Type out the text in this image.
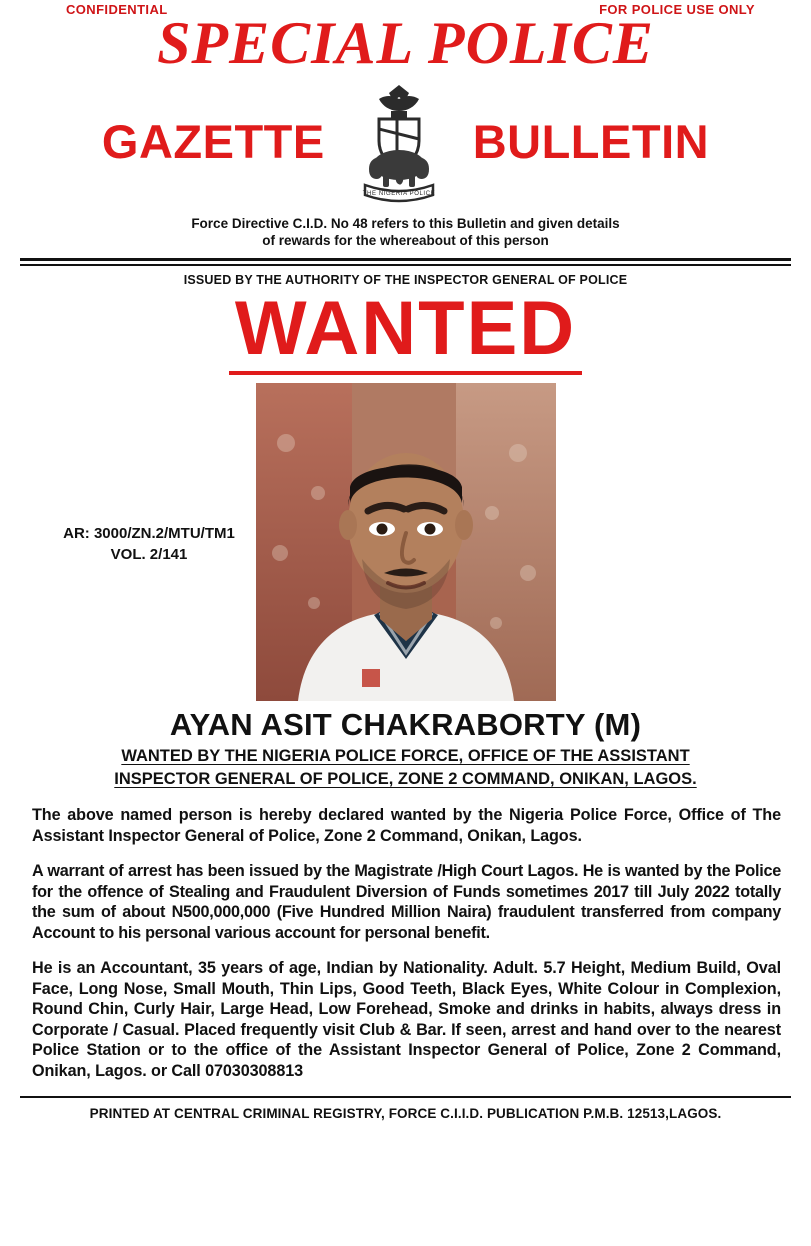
CONFIDENTIAL	FOR POLICE USE ONLY
SPECIAL POLICE
GAZETTE
THE NIGERIA POLICE
BULLETIN
Force Directive C.I.D. No 48 refers to this Bulletin and given details
of rewards for the whereabout of this person
ISSUED BY THE AUTHORITY OF THE INSPECTOR GENERAL OF POLICE
WANTED
AR: 3000/ZN.2/MTU/TM1
VOL. 2/141
AYAN ASIT CHAKRABORTY (M)
WANTED BY THE NIGERIA POLICE FORCE, OFFICE OF THE ASSISTANT
INSPECTOR GENERAL OF POLICE, ZONE 2 COMMAND, ONIKAN, LAGOS.

The above named person is hereby declared wanted by the Nigeria Police Force, Office of The Assistant Inspector General of Police, Zone 2 Command, Onikan, Lagos.

A warrant of arrest has been issued by the Magistrate /High Court Lagos. He is wanted by the Police for the offence of Stealing and Fraudulent Diversion of Funds sometimes 2017 till July 2022 totally the sum of about N500,000,000 (Five Hundred Million Naira) fraudulent transferred from company Account to his personal various account for personal benefit.

He is an Accountant, 35 years of age, Indian by Nationality. Adult. 5.7 Height, Medium Build, Oval Face, Long Nose, Small Mouth, Thin Lips, Good Teeth, Black Eyes, White Colour in Complexion, Round Chin, Curly Hair, Large Head, Low Forehead, Smoke and drinks in habits, always dress in Corporate / Casual. Placed frequently visit Club & Bar. If seen, arrest and hand over to the nearest Police Station or to the office of the Assistant Inspector General of Police, Zone 2 Command, Onikan, Lagos. or Call 07030308813

PRINTED AT CENTRAL CRIMINAL REGISTRY, FORCE C.I.I.D. PUBLICATION P.M.B. 12513,LAGOS.
